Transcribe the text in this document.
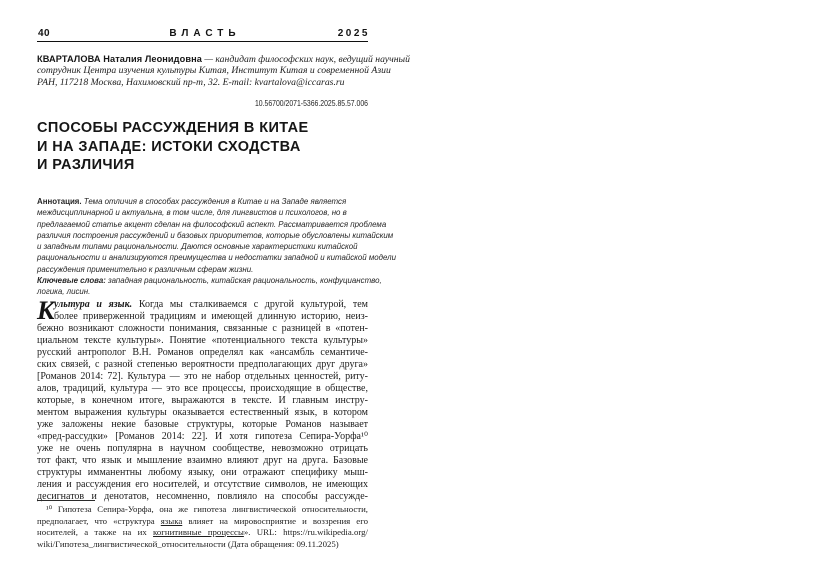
40	ВЛАСТЬ	2025
КВАРТАЛОВА Наталия Леонидовна — кандидат философских наук, ведущий научный
сотрудник Центра изучения культуры Китая, Институт Китая и современной Азии
РАН, 117218 Москва, Нахимовский пр-т, 32. E-mail: kvartalova@iccaras.ru
10.56700/2071-5366.2025.85.57.006
СПОСОБЫ РАССУЖДЕНИЯ В КИТАЕ
И НА ЗАПАДЕ: ИСТОКИ СХОДСТВА
И РАЗЛИЧИЯ
Аннотация. Тема отличия в способах рассуждения в Китае и на Западе является
междисциплинарной и актуальна, в том числе, для лингвистов и психологов, но в
предлагаемой статье акцент сделан на философский аспект. Рассматривается проблема
различия построения рассуждений и базовых приоритетов, которые обусловлены китайским
и западным типами рациональности. Даются основные характеристики китайской
рациональности и анализируются преимущества и недостатки западной и китайской модели
рассуждения применительно к различным сферам жизни.
Ключевые слова: западная рациональность, китайская рациональность, конфуцианство,
логика, лисин.
К ультура и язык. Когда мы сталкиваемся с другой культурой, тем
более приверженной традициям и имеющей длинную историю, неиз-
бежно возникают сложности понимания, связанные с разницей в «потен-
циальном тексте культуры». Понятие «потенциального текста культуры»
русский антрополог В.Н. Романов определял как «ансамбль семантиче-
ских связей, с разной степенью вероятности предполагающих друг друга»
[Романов 2014: 72]. Культура — это не набор отдельных ценностей, риту-
алов, традиций, культура — это все процессы, происходящие в обществе,
которые, в конечном итоге, выражаются в тексте. И главным инстру-
ментом выражения культуры оказывается естественный язык, в котором
уже заложены некие базовые структуры, которые Романов называет
«пред-рассудки» [Романов 2014: 22]. И хотя гипотеза Сепира-Уорфа¹⁰
уже не очень популярна в научном сообществе, невозможно отрицать
тот факт, что язык и мышление взаимно влияют друг на друга. Базовые
структуры имманентны любому языку, они отражают специфику мыш-
ления и рассуждения его носителей, и отсутствие символов, не имеющих
десигнатов и денотатов, несомненно, повлияло на способы рассужде-
¹⁰ Гипотеза Сепира-Уорфа, она же гипотеза лингвистической относительности,
предполагает, что «структура языка влияет на мировосприятие и воззрения его
носителей, а также на их когнитивные процессы». URL: https://ru.wikipedia.org/
wiki/Гипотеза_лингвистической_относительности (Дата обращения: 09.11.2025)
